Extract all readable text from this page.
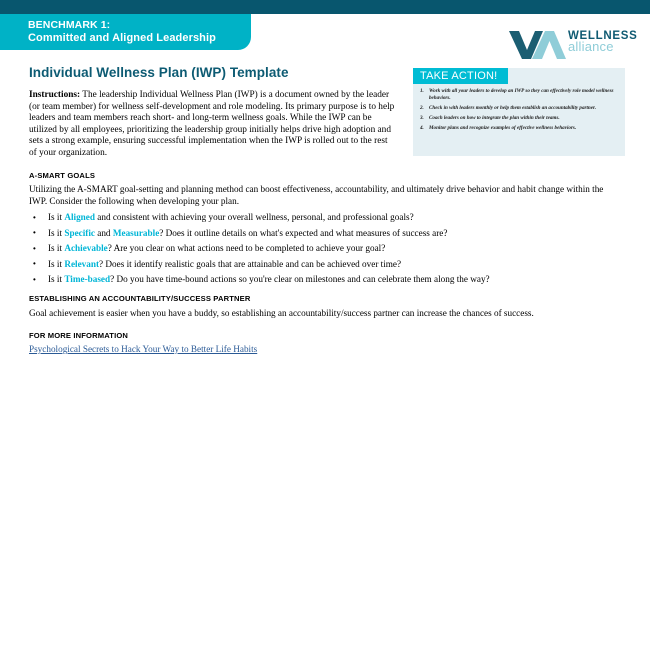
BENCHMARK 1:
Committed and Aligned Leadership	WELLNESS
alliance
Individual Wellness Plan (IWP) Template
Instructions: The leadership Individual Wellness Plan (IWP) is a document owned by the leader (or team member) for wellness self-development and role modeling. Its primary purpose is to help leaders and team members reach short- and long-term wellness goals. While the IWP can be utilized by all employees, prioritizing the leadership group initially helps drive high adoption and sets a strong example, ensuring successful implementation when the IWP is rolled out to the rest of your organization.
TAKE ACTION!
1. Work with all your leaders to develop an IWP so they can effectively role model wellness behaviors.
2. Check in with leaders monthly or help them establish an accountability partner.
3. Coach leaders on how to integrate the plan within their teams.
4. Monitor plans and recognize examples of effective wellness behaviors.
A-SMART GOALS
Utilizing the A-SMART goal-setting and planning method can boost effectiveness, accountability, and ultimately drive behavior and habit change within the IWP. Consider the following when developing your plan.
• Is it Aligned and consistent with achieving your overall wellness, personal, and professional goals?
• Is it Specific and Measurable? Does it outline details on what's expected and what measures of success are?
• Is it Achievable? Are you clear on what actions need to be completed to achieve your goal?
• Is it Relevant? Does it identify realistic goals that are attainable and can be achieved over time?
• Is it Time-based? Do you have time-bound actions so you're clear on milestones and can celebrate them along the way?
ESTABLISHING AN ACCOUNTABILITY/SUCCESS PARTNER
Goal achievement is easier when you have a buddy, so establishing an accountability/success partner can increase the chances of success.
FOR MORE INFORMATION
Psychological Secrets to Hack Your Way to Better Life Habits
